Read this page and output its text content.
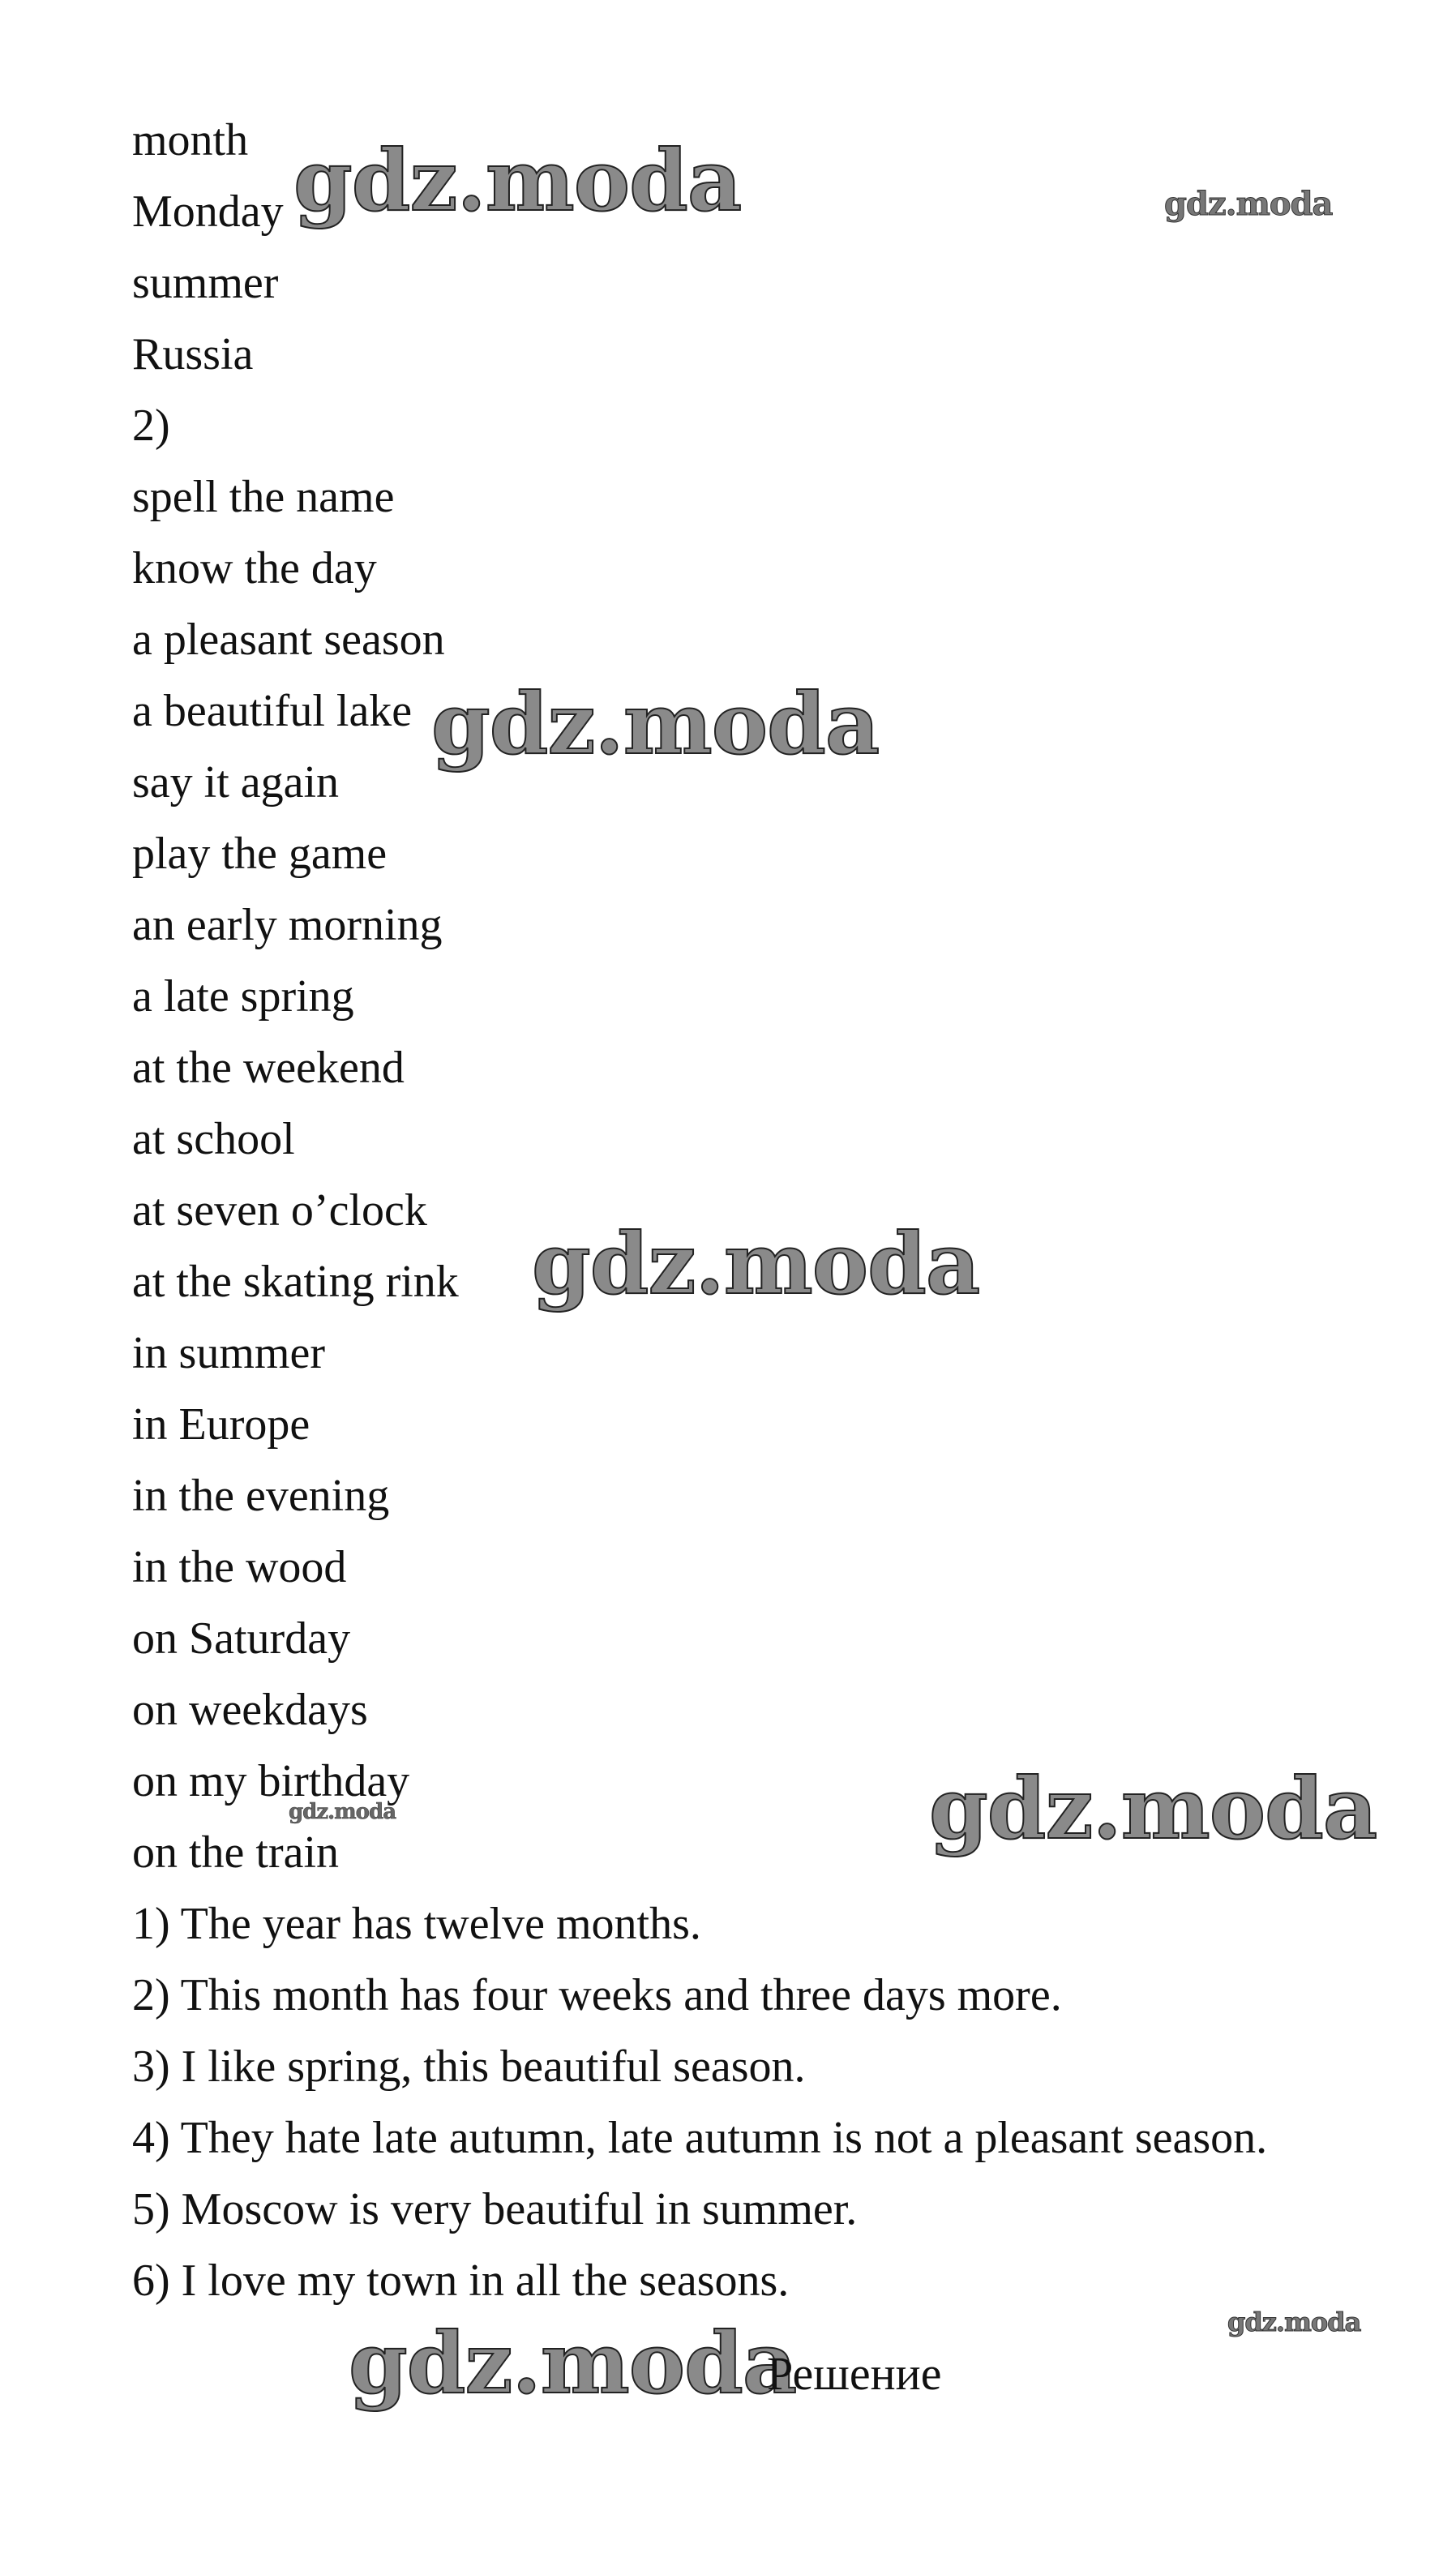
month
Monday
summer
Russia
2)
spell the name
know the day
a pleasant season
a beautiful lake
say it again
play the game
an early morning
a late spring
at the weekend
at school
at seven o’clock
at the skating rink
in summer
in Europe
in the evening
in the wood
on Saturday
on weekdays
on my birthday
on the train
1) The year has twelve months.
2) This month has four weeks and three days more.
3) I like spring, this beautiful season.
4) They hate late autumn, late autumn is not a pleasant season.
5) Moscow is very beautiful in summer.
6) I love my town in all the seasons.
gdz.moda	gdz.moda
gdz.moda
gdz.moda
gdz.moda
gdz.moda
gdz.moda
gdz.moda
Решение
